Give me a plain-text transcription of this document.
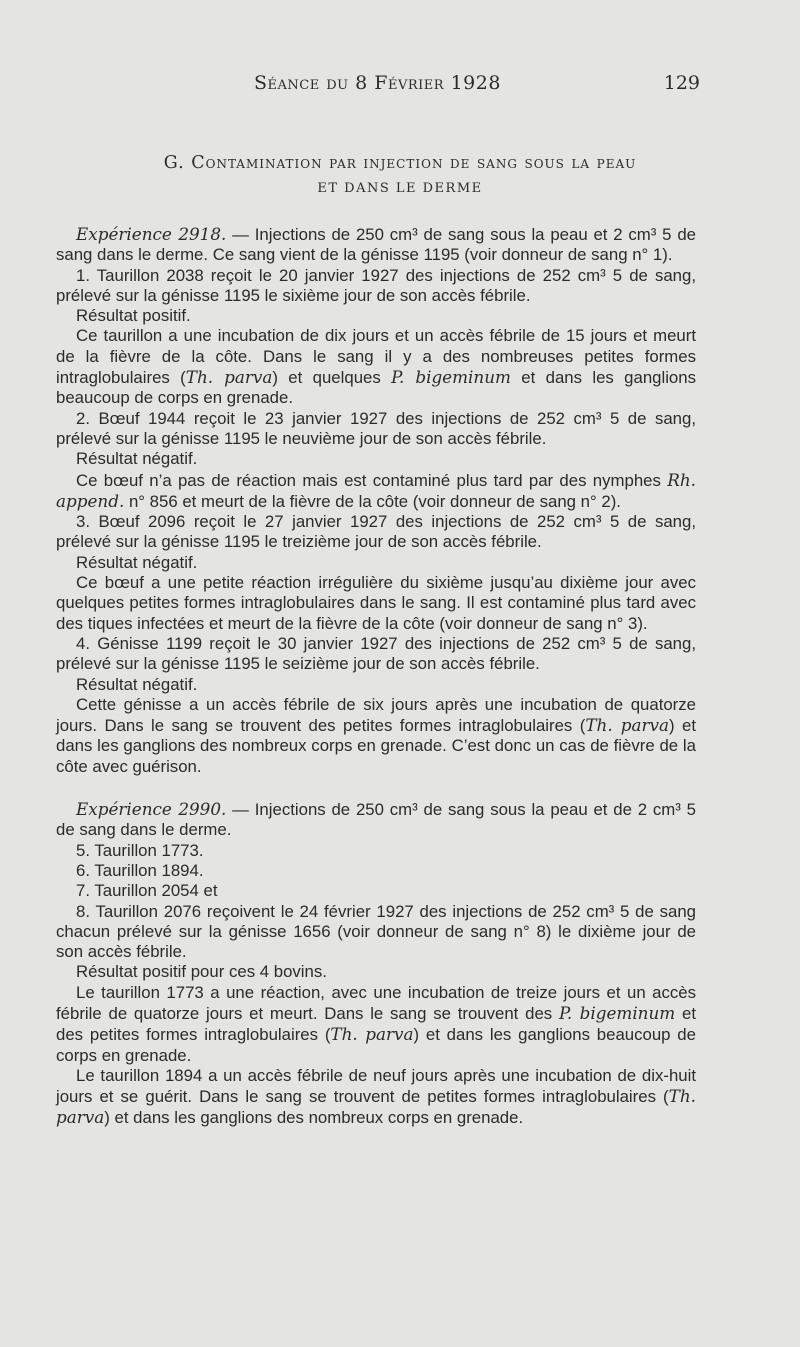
Séance du 8 Février 1928	129
G. Contamination par injection de sang sous la peau
ET DANS LE DERME

Expérience 2918. — Injections de 250 cm³ de sang sous la peau et 2 cm³ 5 de sang dans le derme. Ce sang vient de la génisse 1195 (voir donneur de sang n° 1).

1. Taurillon 2038 reçoit le 20 janvier 1927 des injections de 252 cm³ 5 de sang, prélevé sur la génisse 1195 le sixième jour de son accès fébrile.

Résultat positif.

Ce taurillon a une incubation de dix jours et un accès fébrile de 15 jours et meurt de la fièvre de la côte. Dans le sang il y a des nombreuses petites formes intraglobulaires (Th. parva) et quelques P. bigeminum et dans les ganglions beaucoup de corps en grenade.

2. Bœuf 1944 reçoit le 23 janvier 1927 des injections de 252 cm³ 5 de sang, prélevé sur la génisse 1195 le neuvième jour de son accès fébrile.

Résultat négatif.

Ce bœuf n’a pas de réaction mais est contaminé plus tard par des nymphes Rh. append. n° 856 et meurt de la fièvre de la côte (voir donneur de sang n° 2).

3. Bœuf 2096 reçoit le 27 janvier 1927 des injections de 252 cm³ 5 de sang, prélevé sur la génisse 1195 le treizième jour de son accès fébrile.

Résultat négatif.

Ce bœuf a une petite réaction irrégulière du sixième jusqu’au dixième jour avec quelques petites formes intraglobulaires dans le sang. Il est contaminé plus tard avec des tiques infectées et meurt de la fièvre de la côte (voir donneur de sang n° 3).

4. Génisse 1199 reçoit le 30 janvier 1927 des injections de 252 cm³ 5 de sang, prélevé sur la génisse 1195 le seizième jour de son accès fébrile.

Résultat négatif.

Cette génisse a un accès fébrile de six jours après une incubation de quatorze jours. Dans le sang se trouvent des petites formes intraglobulaires (Th. parva) et dans les ganglions des nombreux corps en grenade. C’est donc un cas de fièvre de la côte avec guérison.

Expérience 2990. — Injections de 250 cm³ de sang sous la peau et de 2 cm³ 5 de sang dans le derme.

5. Taurillon 1773.

6. Taurillon 1894.

7. Taurillon 2054 et

8. Taurillon 2076 reçoivent le 24 février 1927 des injections de 252 cm³ 5 de sang chacun prélevé sur la génisse 1656 (voir donneur de sang n° 8) le dixième jour de son accès fébrile.

Résultat positif pour ces 4 bovins.

Le taurillon 1773 a une réaction, avec une incubation de treize jours et un accès fébrile de quatorze jours et meurt. Dans le sang se trouvent des P. bigeminum et des petites formes intraglobulaires (Th. parva) et dans les ganglions beaucoup de corps en grenade.

Le taurillon 1894 a un accès fébrile de neuf jours après une incubation de dix-huit jours et se guérit. Dans le sang se trouvent de petites formes intraglobulaires (Th. parva) et dans les ganglions des nombreux corps en grenade.
